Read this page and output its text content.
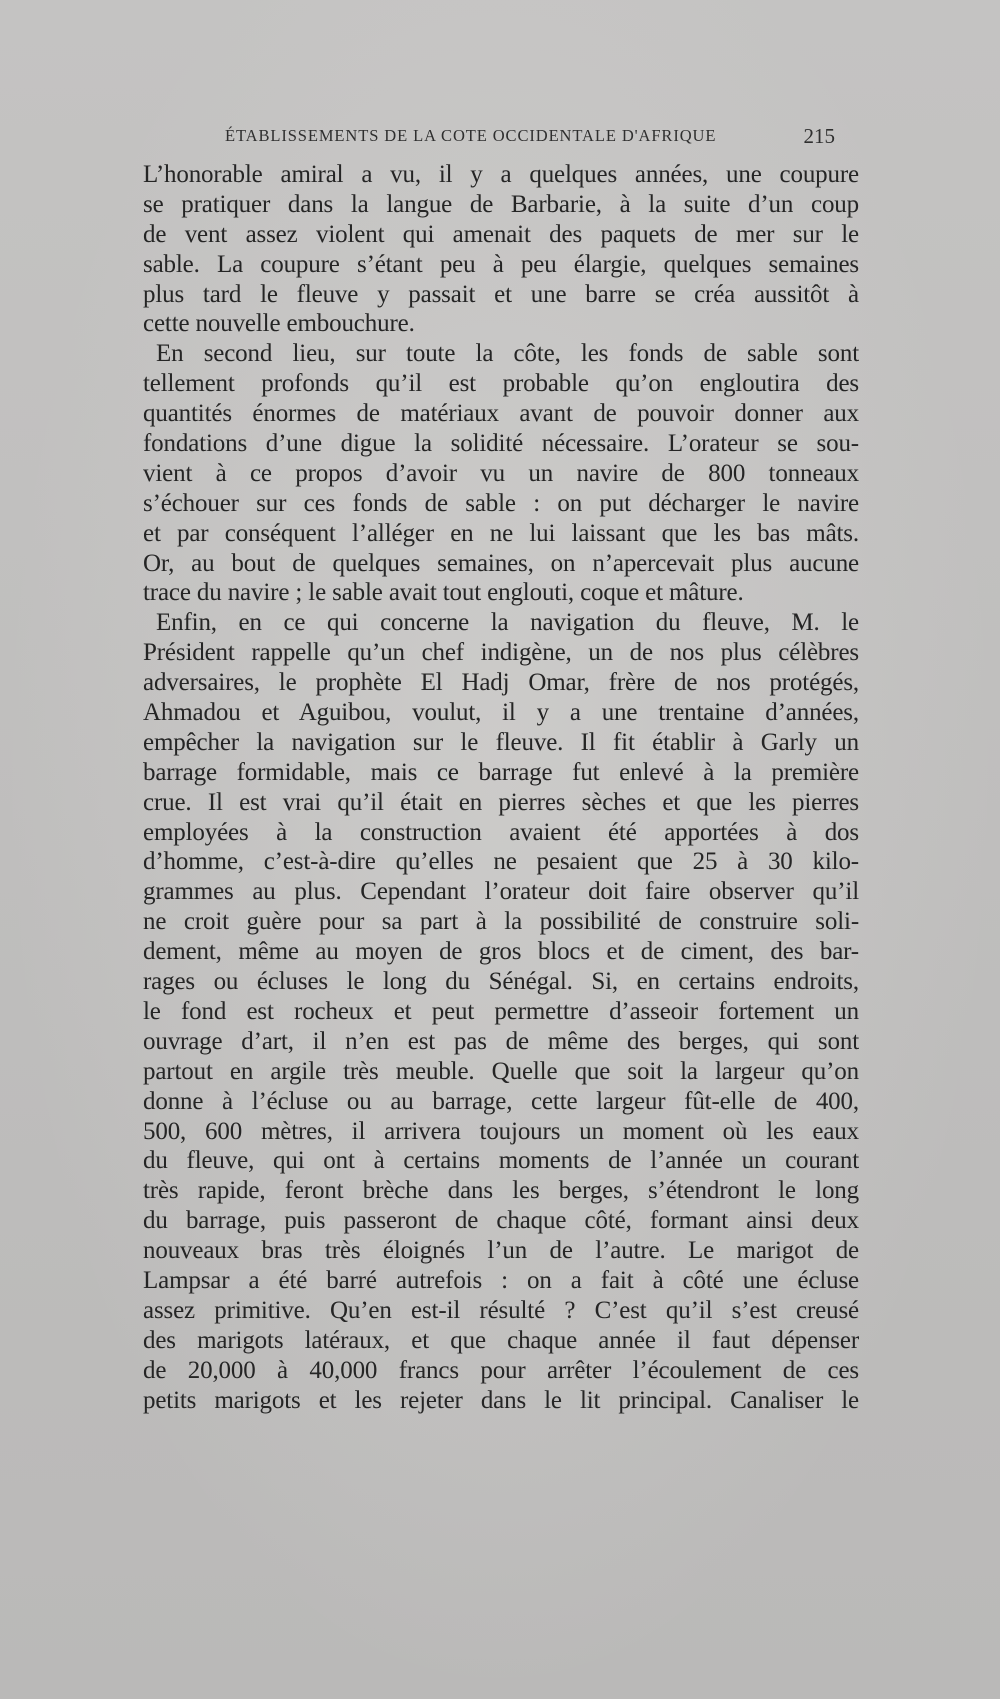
ÉTABLISSEMENTS DE LA COTE OCCIDENTALE D'AFRIQUE	215
L’honorable amiral a vu, il y a quelques années, une coupure
se pratiquer dans la langue de Barbarie, à la suite d’un coup
de vent assez violent qui amenait des paquets de mer sur le
sable. La coupure s’étant peu à peu élargie, quelques semaines
plus tard le fleuve y passait et une barre se créa aussitôt à
cette nouvelle embouchure.
En second lieu, sur toute la côte, les fonds de sable sont
tellement profonds qu’il est probable qu’on engloutira des
quantités énormes de matériaux avant de pouvoir donner aux
fondations d’une digue la solidité nécessaire. L’orateur se sou-
vient à ce propos d’avoir vu un navire de 800 tonneaux
s’échouer sur ces fonds de sable : on put décharger le navire
et par conséquent l’alléger en ne lui laissant que les bas mâts.
Or, au bout de quelques semaines, on n’apercevait plus aucune
trace du navire ; le sable avait tout englouti, coque et mâture.
Enfin, en ce qui concerne la navigation du fleuve, M. le
Président rappelle qu’un chef indigène, un de nos plus célèbres
adversaires, le prophète El Hadj Omar, frère de nos protégés,
Ahmadou et Aguibou, voulut, il y a une trentaine d’années,
empêcher la navigation sur le fleuve. Il fit établir à Garly un
barrage formidable, mais ce barrage fut enlevé à la première
crue. Il est vrai qu’il était en pierres sèches et que les pierres
employées à la construction avaient été apportées à dos
d’homme, c’est-à-dire qu’elles ne pesaient que 25 à 30 kilo-
grammes au plus. Cependant l’orateur doit faire observer qu’il
ne croit guère pour sa part à la possibilité de construire soli-
dement, même au moyen de gros blocs et de ciment, des bar-
rages ou écluses le long du Sénégal. Si, en certains endroits,
le fond est rocheux et peut permettre d’asseoir fortement un
ouvrage d’art, il n’en est pas de même des berges, qui sont
partout en argile très meuble. Quelle que soit la largeur qu’on
donne à l’écluse ou au barrage, cette largeur fût-elle de 400,
500, 600 mètres, il arrivera toujours un moment où les eaux
du fleuve, qui ont à certains moments de l’année un courant
très rapide, feront brèche dans les berges, s’étendront le long
du barrage, puis passeront de chaque côté, formant ainsi deux
nouveaux bras très éloignés l’un de l’autre. Le marigot de
Lampsar a été barré autrefois : on a fait à côté une écluse
assez primitive. Qu’en est-il résulté ? C’est qu’il s’est creusé
des marigots latéraux, et que chaque année il faut dépenser
de 20,000 à 40,000 francs pour arrêter l’écoulement de ces
petits marigots et les rejeter dans le lit principal. Canaliser le
